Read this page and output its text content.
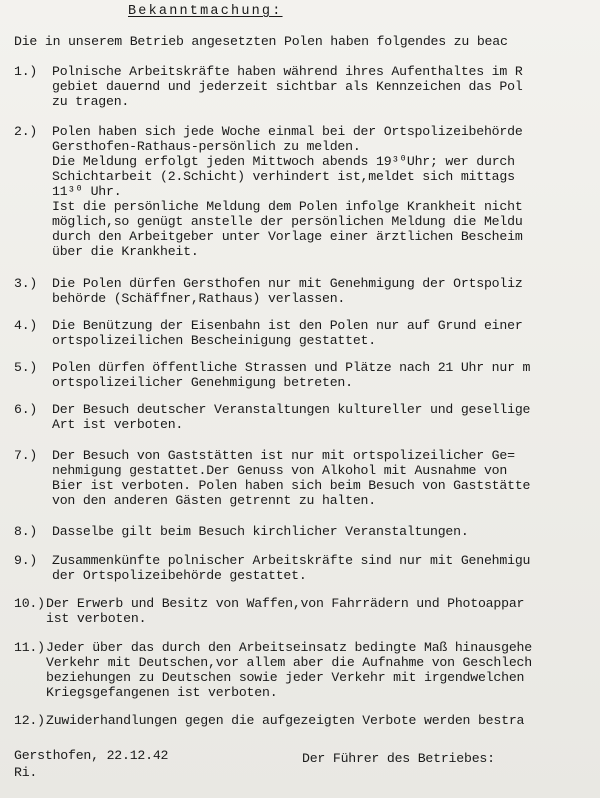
Bekanntmachung:
Die in unserem Betrieb angesetzten Polen haben folgendes zu beac
1.) Polnische Arbeitskräfte haben während ihres Aufenthaltes im R
gebiet dauernd und jederzeit sichtbar als Kennzeichen das Pol
zu tragen.
2.) Polen haben sich jede Woche einmal bei der Ortspolizeibehörde
Gersthofen-Rathaus-persönlich zu melden.
Die Meldung erfolgt jeden Mittwoch abends 19³⁰Uhr; wer durch
Schichtarbeit (2.Schicht) verhindert ist,meldet sich mittags
11³⁰ Uhr.
Ist die persönliche Meldung dem Polen infolge Krankheit nicht
möglich,so genügt anstelle der persönlichen Meldung die Meldu
durch den Arbeitgeber unter Vorlage einer ärztlichen Bescheim
über die Krankheit.
3.) Die Polen dürfen Gersthofen nur mit Genehmigung der Ortspoliz
behörde (Schäffner,Rathaus) verlassen.
4.) Die Benützung der Eisenbahn ist den Polen nur auf Grund einer
ortspolizeilichen Bescheinigung gestattet.
5.) Polen dürfen öffentliche Strassen und Plätze nach 21 Uhr nur m
ortspolizeilicher Genehmigung betreten.
6.) Der Besuch deutscher Veranstaltungen kultureller und gesellige
Art ist verboten.
7.) Der Besuch von Gaststätten ist nur mit ortspolizeilicher Ge=
nehmigung gestattet.Der Genuss von Alkohol mit Ausnahme von
Bier ist verboten. Polen haben sich beim Besuch von Gaststätte
von den anderen Gästen getrennt zu halten.
8.) Dasselbe gilt beim Besuch kirchlicher Veranstaltungen.
9.) Zusammenkünfte polnischer Arbeitskräfte sind nur mit Genehmigu
der Ortspolizeibehörde gestattet.
10.) Der Erwerb und Besitz von Waffen,von Fahrrädern und Photoappar
ist verboten.
11.) Jeder über das durch den Arbeitseinsatz bedingte Maß hinausgehe
Verkehr mit Deutschen,vor allem aber die Aufnahme von Geschlech
beziehungen zu Deutschen sowie jeder Verkehr mit irgendwelchen
Kriegsgefangenen ist verboten.
12.) Zuwiderhandlungen gegen die aufgezeigten Verbote werden bestra
Gersthofen, 22.12.42
Ri.
Der Führer des Betriebes:
